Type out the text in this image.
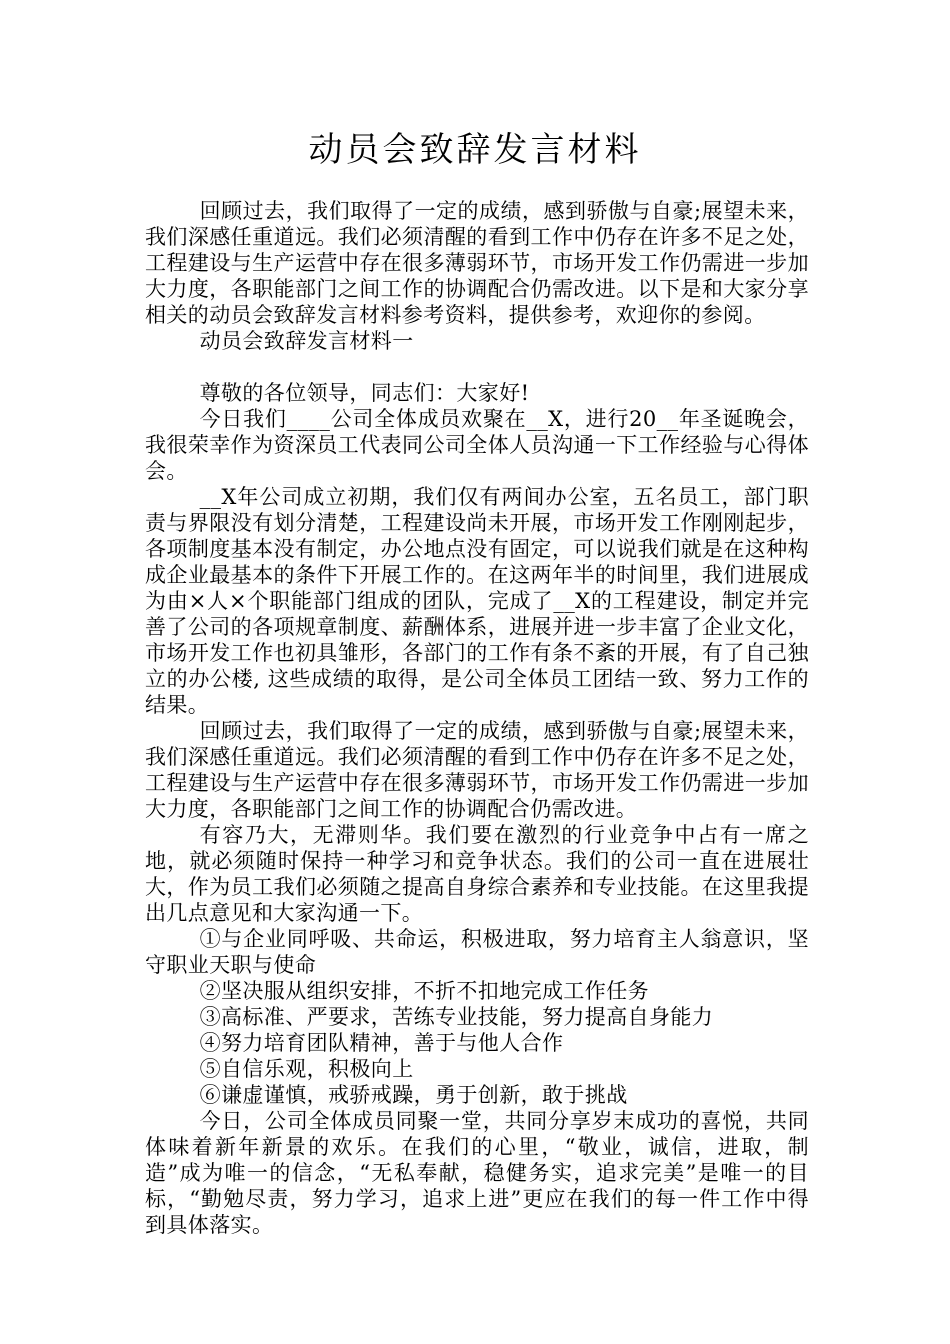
动员会致辞发言材料

回顾过去，我们取得了一定的成绩，感到骄傲与自豪;展望未来，我们深感任重道远。我们必须清醒的看到工作中仍存在许多不足之处，工程建设与生产运营中存在很多薄弱环节，市场开发工作仍需进一步加大力度，各职能部门之间工作的协调配合仍需改进。以下是和大家分享相关的动员会致辞发言材料参考资料，提供参考，欢迎你的参阅。

动员会致辞发言材料一

尊敬的各位领导，同志们：大家好!

今日我们____公司全体成员欢聚在__X，进行20__年圣诞晚会，我很荣幸作为资深员工代表同公司全体人员沟通一下工作经验与心得体会。

__X年公司成立初期，我们仅有两间办公室，五名员工，部门职责与界限没有划分清楚，工程建设尚未开展，市场开发工作刚刚起步，各项制度基本没有制定，办公地点没有固定，可以说我们就是在这种构成企业最基本的条件下开展工作的。在这两年半的时间里，我们进展成为由×人×个职能部门组成的团队，完成了__X的工程建设，制定并完善了公司的各项规章制度、薪酬体系，进展并进一步丰富了企业文化，市场开发工作也初具雏形，各部门的工作有条不紊的开展，有了自己独立的办公楼, 这些成绩的取得，是公司全体员工团结一致、努力工作的结果。

回顾过去，我们取得了一定的成绩，感到骄傲与自豪;展望未来，我们深感任重道远。我们必须清醒的看到工作中仍存在许多不足之处，工程建设与生产运营中存在很多薄弱环节，市场开发工作仍需进一步加大力度，各职能部门之间工作的协调配合仍需改进。

有容乃大，无滞则华。我们要在激烈的行业竞争中占有一席之地，就必须随时保持一种学习和竞争状态。我们的公司一直在进展壮大，作为员工我们必须随之提高自身综合素养和专业技能。在这里我提出几点意见和大家沟通一下。

①与企业同呼吸、共命运，积极进取，努力培育主人翁意识，坚守职业天职与使命

②坚决服从组织安排，不折不扣地完成工作任务

③高标准、严要求，苦练专业技能，努力提高自身能力

④努力培育团队精神，善于与他人合作

⑤自信乐观，积极向上

⑥谦虚谨慎，戒骄戒躁，勇于创新，敢于挑战

今日，公司全体成员同聚一堂，共同分享岁末成功的喜悦，共同体味着新年新景的欢乐。在我们的心里，“敬业，诚信，进取，制造”成为唯一的信念，“无私奉献，稳健务实，追求完美”是唯一的目标，“勤勉尽责，努力学习，追求上进”更应在我们的每一件工作中得到具体落实。
